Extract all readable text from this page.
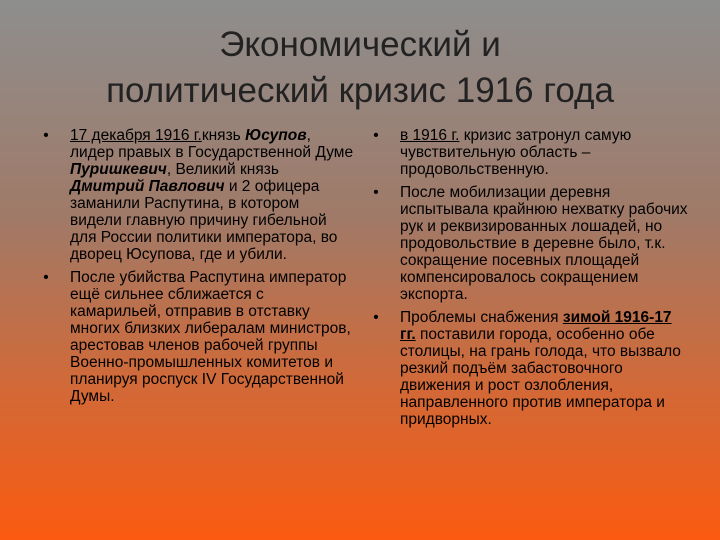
Экономический и
политический кризис 1916 года
• 17 декабря 1916 г.князь Юсупов, лидер правых в Государственной Думе Пуришкевич, Великий князь Дмитрий Павлович и 2 офицера заманили Распутина, в котором видели главную причину гибельной для России политики императора, во дворец Юсупова, где и убили.
• После убийства Распутина император ещё сильнее сближается с камарильей, отправив в отставку многих близких либералам министров, арестовав членов рабочей группы Военно-промышленных комитетов и планируя роспуск IV Государственной Думы.
• в 1916 г. кризис затронул самую чувствительную область – продовольственную.
• После мобилизации деревня испытывала крайнюю нехватку рабочих рук и реквизированных лошадей, но продовольствие в деревне было, т.к. сокращение посевных площадей компенсировалось сокращением экспорта.
• Проблемы снабжения зимой 1916-17 гг. поставили города, особенно обе столицы, на грань голода, что вызвало резкий подъём забастовочного движения и рост озлобления, направленного против императора и придворных.
